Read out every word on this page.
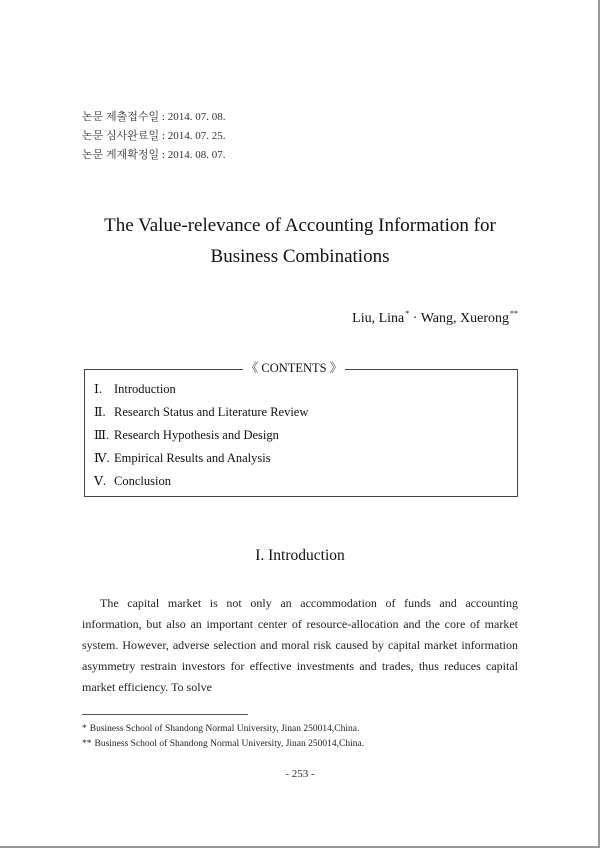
논문 제출접수일 : 2014. 07. 08.
논문 심사완료일 : 2014. 07. 25.
논문 게재확정일 : 2014. 08. 07.
The Value-relevance of Accounting Information for
Business Combinations
Liu, Lina* · Wang, Xuerong**
《 CONTENTS 》
Ⅰ. Introduction
Ⅱ. Research Status and Literature Review
Ⅲ. Research Hypothesis and Design
Ⅳ. Empirical Results and Analysis
Ⅴ. Conclusion
I. Introduction
The capital market is not only an accommodation of funds and accounting information, but also an important center of resource-allocation and the core of market system. However, adverse selection and moral risk caused by capital market information asymmetry restrain investors for effective investments and trades, thus reduces capital market efficiency. To solve
* Business School of Shandong Normal University, Jinan 250014,China.
** Business School of Shandong Normal University, Jinan 250014,China.
- 253 -
